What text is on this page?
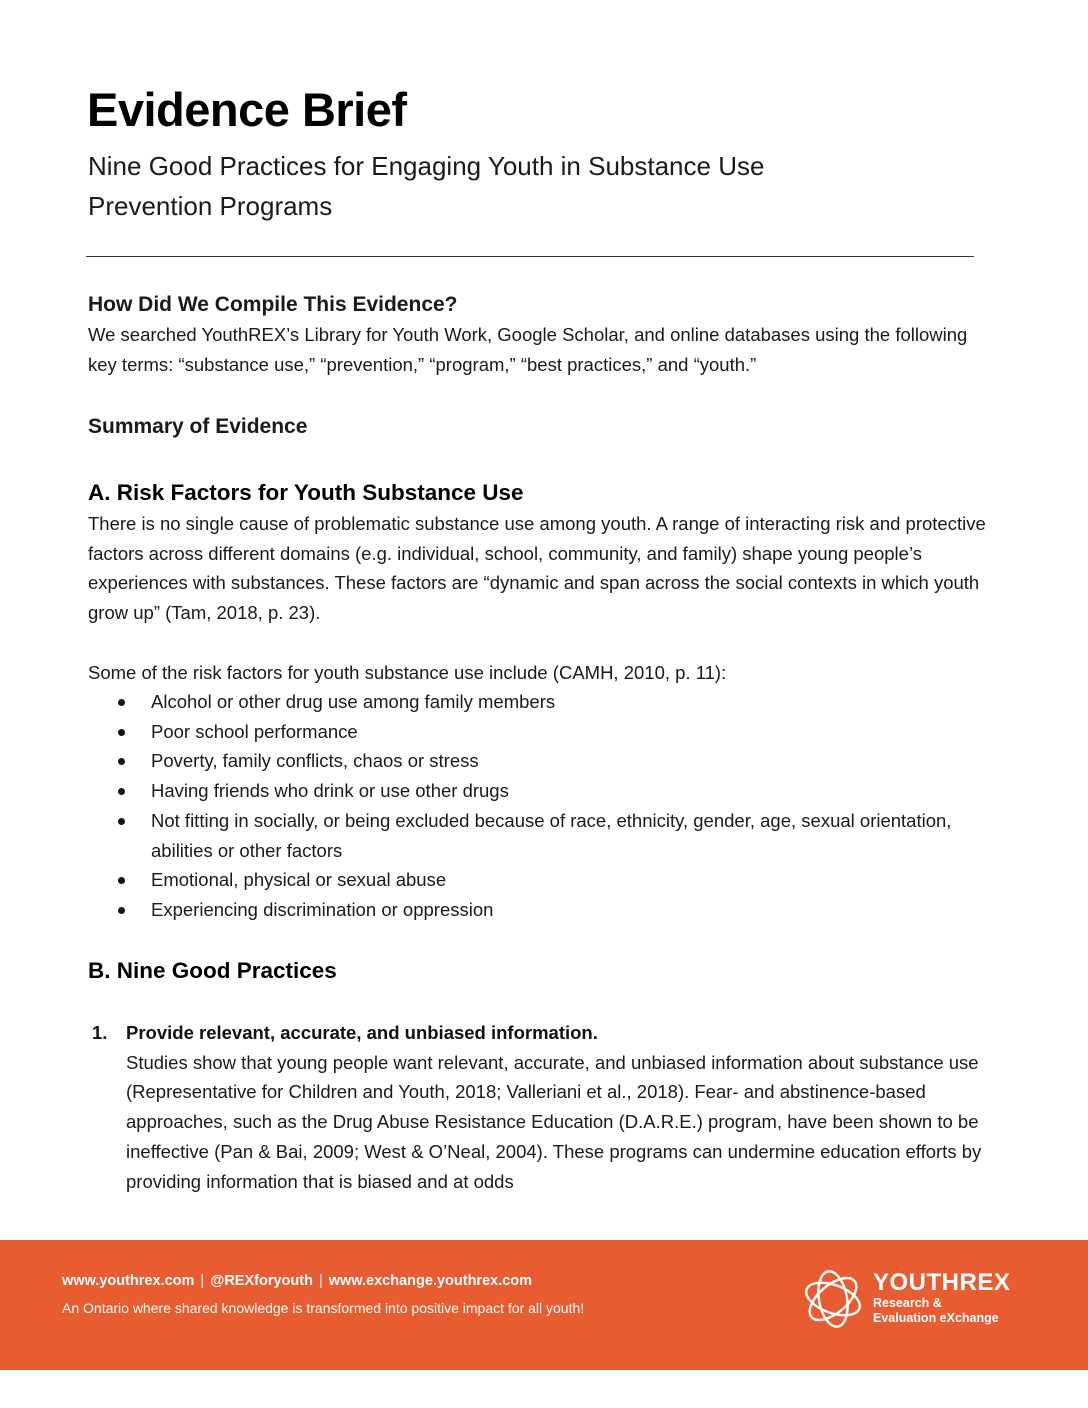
Evidence Brief
Nine Good Practices for Engaging Youth in Substance Use Prevention Programs
How Did We Compile This Evidence?
We searched YouthREX’s Library for Youth Work, Google Scholar, and online databases using the following key terms: “substance use,” “prevention,” “program,” “best practices,” and “youth.”
Summary of Evidence
A. Risk Factors for Youth Substance Use
There is no single cause of problematic substance use among youth. A range of interacting risk and protective factors across different domains (e.g. individual, school, community, and family) shape young people’s experiences with substances. These factors are “dynamic and span across the social contexts in which youth grow up” (Tam, 2018, p. 23).
Some of the risk factors for youth substance use include (CAMH, 2010, p. 11):
Alcohol or other drug use among family members
Poor school performance
Poverty, family conflicts, chaos or stress
Having friends who drink or use other drugs
Not fitting in socially, or being excluded because of race, ethnicity, gender, age, sexual orientation, abilities or other factors
Emotional, physical or sexual abuse
Experiencing discrimination or oppression
B. Nine Good Practices
1. Provide relevant, accurate, and unbiased information.
Studies show that young people want relevant, accurate, and unbiased information about substance use (Representative for Children and Youth, 2018; Valleriani et al., 2018). Fear- and abstinence-based approaches, such as the Drug Abuse Resistance Education (D.A.R.E.) program, have been shown to be ineffective (Pan & Bai, 2009; West & O’Neal, 2004). These programs can undermine education efforts by providing information that is biased and at odds
www.youthrex.com | @REXforyouth | www.exchange.youthrex.com
An Ontario where shared knowledge is transformed into positive impact for all youth!
YOUTHREX
Research &
Evaluation eXchange
